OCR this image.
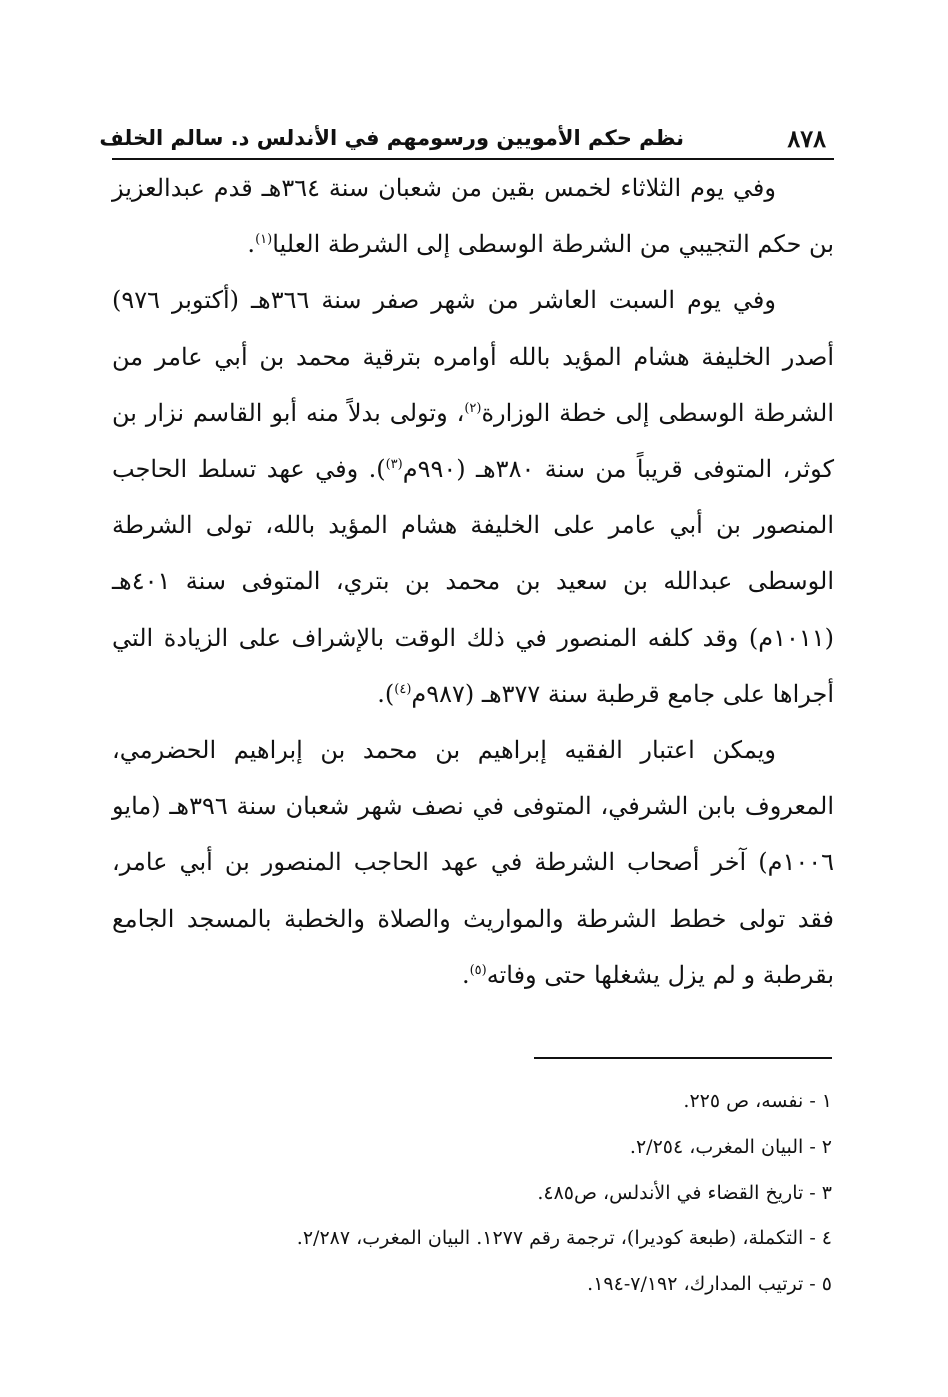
٨٧٨
نظم حكم الأمويين ورسومهم في الأندلس د. سالم الخلف

وفي يوم الثلاثاء لخمس بقين من شعبان سنة ٣٦٤هـ قدم عبدالعزيز بن حكم التجيبي من الشرطة الوسطى إلى الشرطة العليا$^{(١)}$.

وفي يوم السبت العاشر من شهر صفر سنة ٣٦٦هـ (أكتوبر ٩٧٦) أصدر الخليفة هشام المؤيد بالله أوامره بترقية محمد بن أبي عامر من الشرطة الوسطى إلى خطة الوزارة$^{(٢)}$، وتولى بدلاً منه أبو القاسم نزار بن كوثر، المتوفى قريباً من سنة ٣٨٠هـ (٩٩٠م$^{(٣)}$). وفي عهد تسلط الحاجب المنصور بن أبي عامر على الخليفة هشام المؤيد بالله، تولى الشرطة الوسطى عبدالله بن سعيد بن محمد بن بتري، المتوفى سنة ٤٠١هـ (١٠١١م) وقد كلفه المنصور في ذلك الوقت بالإشراف على الزيادة التي أجراها على جامع قرطبة سنة ٣٧٧هـ (٩٨٧م$^{(٤)}$).

ويمكن اعتبار الفقيه إبراهيم بن محمد بن إبراهيم الحضرمي، المعروف بابن الشرفي، المتوفى في نصف شهر شعبان سنة ٣٩٦هـ (مايو ١٠٠٦م) آخر أصحاب الشرطة في عهد الحاجب المنصور بن أبي عامر، فقد تولى خطط الشرطة والمواريث والصلاة والخطبة بالمسجد الجامع بقرطبة و لم يزل يشغلها حتى وفاته$^{(٥)}$.

١ - نفسه، ص ٢٢٥.

٢ - البيان المغرب، ٢/٢٥٤.

٣ - تاريخ القضاء في الأندلس، ص٤٨٥.

٤ - التكملة، (طبعة كوديرا)، ترجمة رقم ١٢٧٧. البيان المغرب، ٢/٢٨٧.

٥ - ترتيب المدارك، ٧/١٩٢-١٩٤.
